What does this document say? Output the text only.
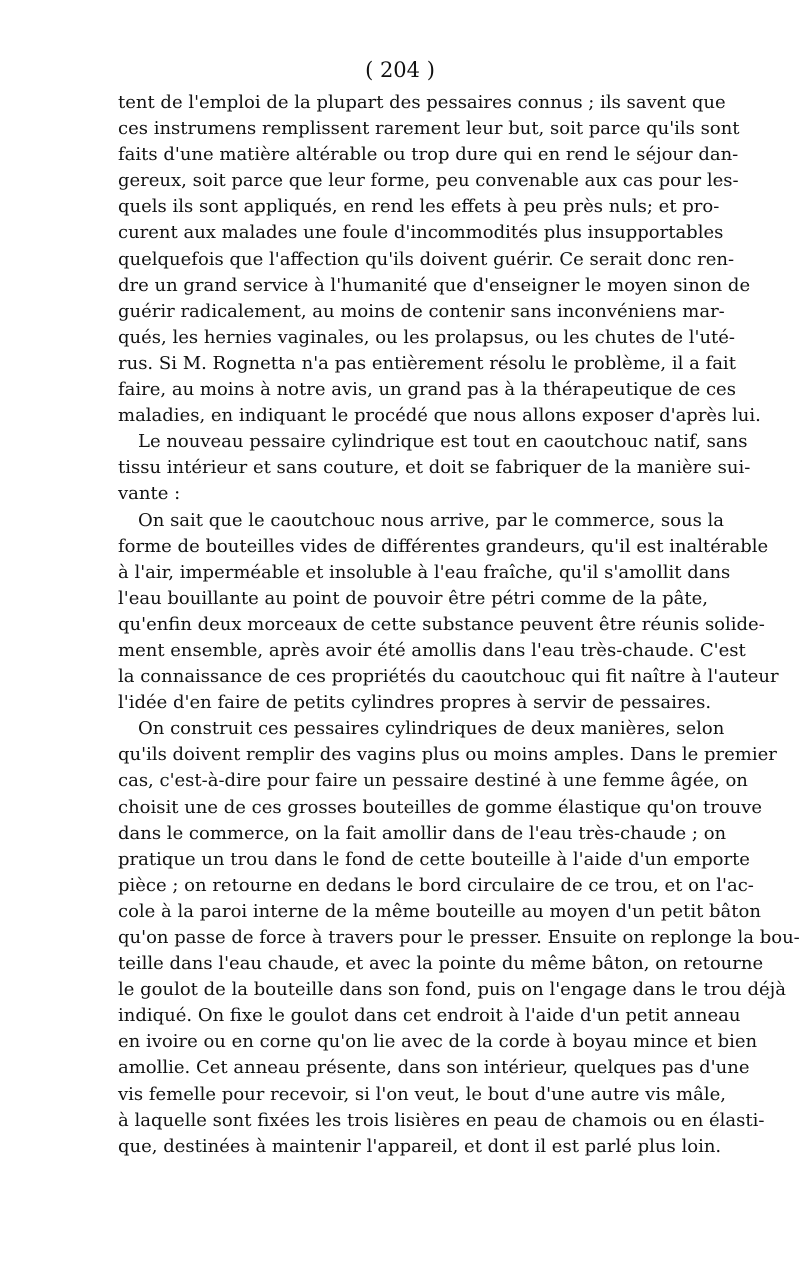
( 204 )

tent de l'emploi de la plupart des pessaires connus ; ils savent que
ces instrumens remplissent rarement leur but, soit parce qu'ils sont
faits d'une matière altérable ou trop dure qui en rend le séjour dan-
gereux, soit parce que leur forme, peu convenable aux cas pour les-
quels ils sont appliqués, en rend les effets à peu près nuls; et pro-
curent aux malades une foule d'incommodités plus insupportables
quelquefois que l'affection qu'ils doivent guérir. Ce serait donc ren-
dre un grand service à l'humanité que d'enseigner le moyen sinon de
guérir radicalement, au moins de contenir sans inconvéniens mar-
qués, les hernies vaginales, ou les prolapsus, ou les chutes de l'uté-
rus. Si M. Rognetta n'a pas entièrement résolu le problème, il a fait
faire, au moins à notre avis, un grand pas à la thérapeutique de ces
maladies, en indiquant le procédé que nous allons exposer d'après lui.

Le nouveau pessaire cylindrique est tout en caoutchouc natif, sans
tissu intérieur et sans couture, et doit se fabriquer de la manière sui-
vante :

On sait que le caoutchouc nous arrive, par le commerce, sous la
forme de bouteilles vides de différentes grandeurs, qu'il est inaltérable
à l'air, imperméable et insoluble à l'eau fraîche, qu'il s'amollit dans
l'eau bouillante au point de pouvoir être pétri comme de la pâte,
qu'enfin deux morceaux de cette substance peuvent être réunis solide-
ment ensemble, après avoir été amollis dans l'eau très-chaude. C'est
la connaissance de ces propriétés du caoutchouc qui fit naître à l'auteur
l'idée d'en faire de petits cylindres propres à servir de pessaires.

On construit ces pessaires cylindriques de deux manières, selon
qu'ils doivent remplir des vagins plus ou moins amples. Dans le premier
cas, c'est-à-dire pour faire un pessaire destiné à une femme âgée, on
choisit une de ces grosses bouteilles de gomme élastique qu'on trouve
dans le commerce, on la fait amollir dans de l'eau très-chaude ; on
pratique un trou dans le fond de cette bouteille à l'aide d'un emporte
pièce ; on retourne en dedans le bord circulaire de ce trou, et on l'ac-
cole à la paroi interne de la même bouteille au moyen d'un petit bâton
qu'on passe de force à travers pour le presser. Ensuite on replonge la bou-
teille dans l'eau chaude, et avec la pointe du même bâton, on retourne
le goulot de la bouteille dans son fond, puis on l'engage dans le trou déjà
indiqué. On fixe le goulot dans cet endroit à l'aide d'un petit anneau
en ivoire ou en corne qu'on lie avec de la corde à boyau mince et bien
amollie. Cet anneau présente, dans son intérieur, quelques pas d'une
vis femelle pour recevoir, si l'on veut, le bout d'une autre vis mâle,
à laquelle sont fixées les trois lisières en peau de chamois ou en élasti-
que, destinées à maintenir l'appareil, et dont il est parlé plus loin.
